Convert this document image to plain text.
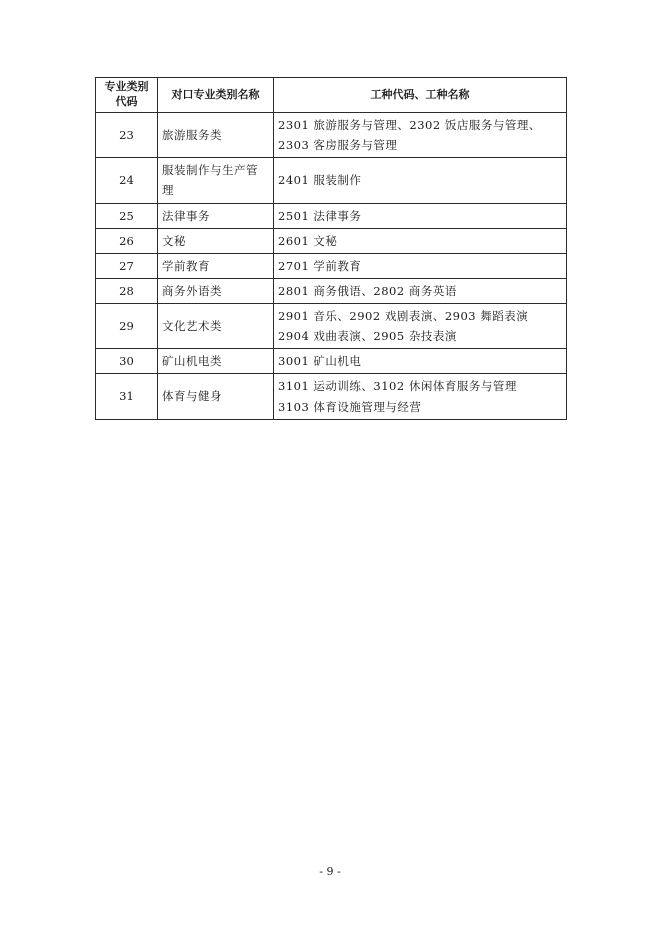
专业类别代码	对口专业类别名称	工种代码、工种名称
23	旅游服务类	2301 旅游服务与管理、2302 饭店服务与管理、
2303 客房服务与管理

24	服装制作与生产管理	2401 服装制作

25	法律事务	2501 法律事务

26	文秘	2601 文秘

27	学前教育	2701 学前教育

28	商务外语类	2801 商务俄语、2802 商务英语

29	文化艺术类	2901 音乐、2902 戏剧表演、2903 舞蹈表演
2904 戏曲表演、2905 杂技表演

30	矿山机电类	3001 矿山机电

31	体育与健身	3101 运动训练、3102 休闲体育服务与管理
3103 体育设施管理与经营
- 9 -
